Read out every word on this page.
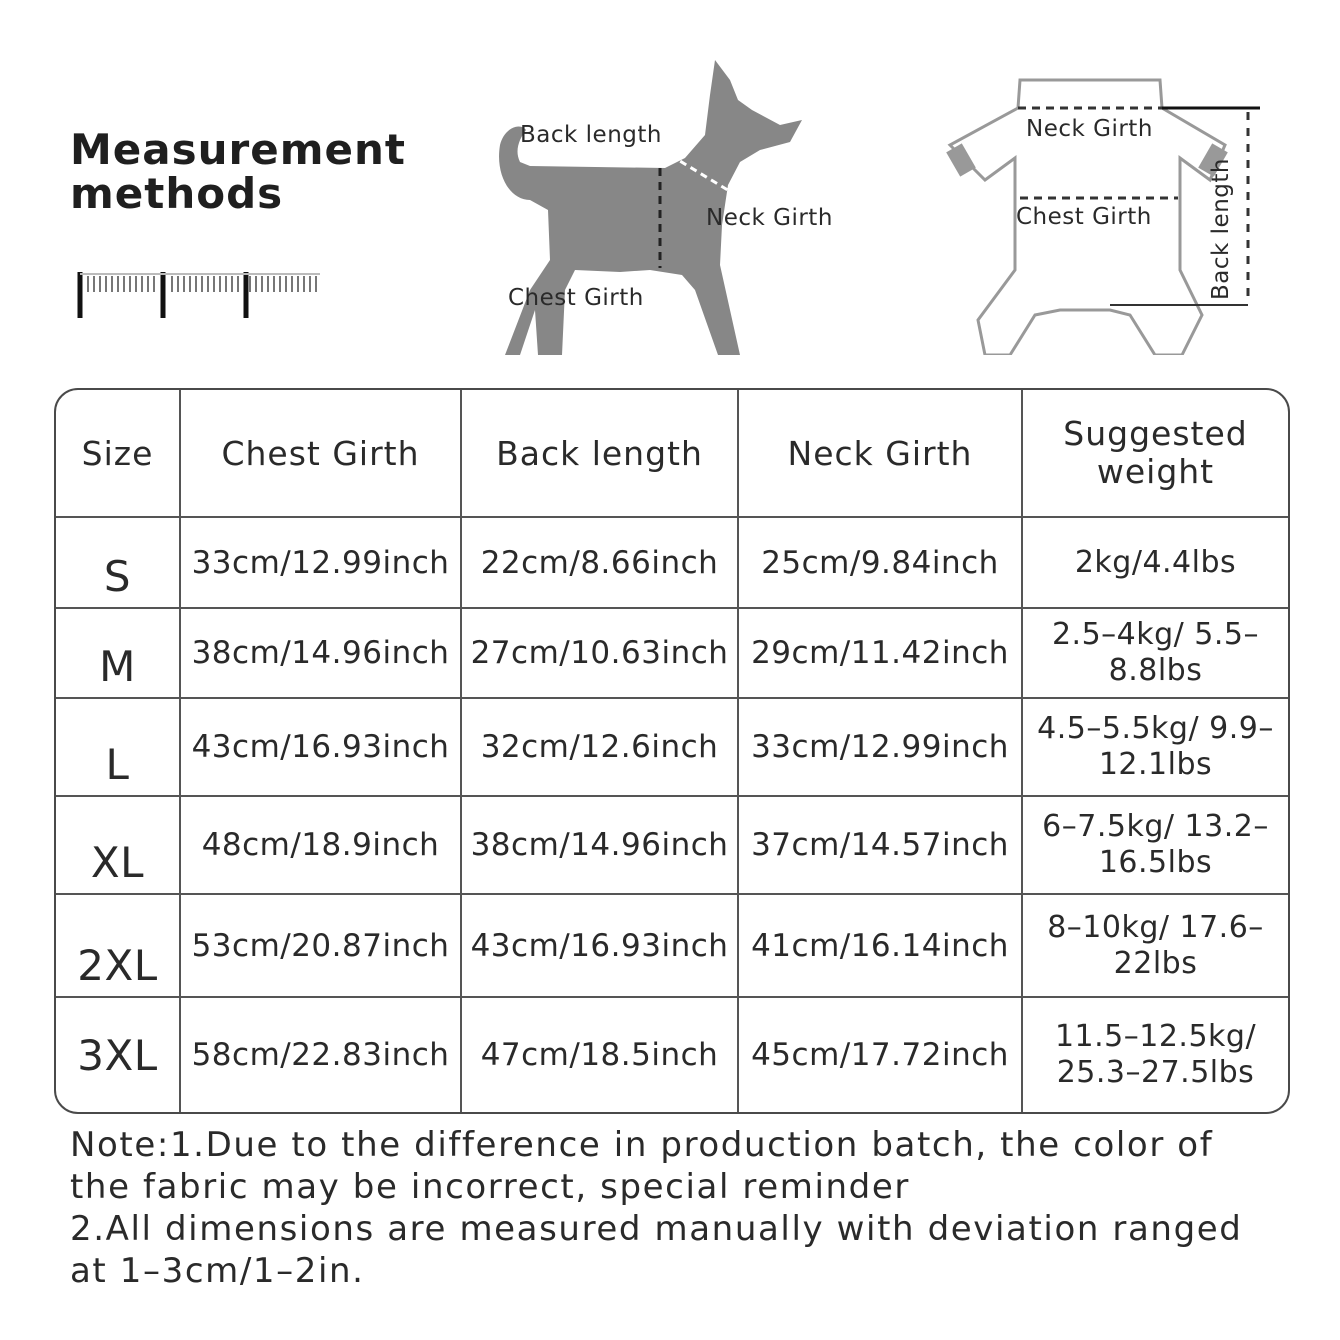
Measurement
methods
Back length
Neck Girth
Chest Girth
Neck Girth
Chest Girth Back length
Size	Chest Girth	Back length	Neck Girth	Suggested weight
S	33cm/12.99inch	22cm/8.66inch	25cm/9.84inch	2kg/4.4lbs
M	38cm/14.96inch	27cm/10.63inch	29cm/11.42inch	2.5–4kg/ 5.5–8.8lbs
L	43cm/16.93inch	32cm/12.6inch	33cm/12.99inch	4.5–5.5kg/ 9.9–12.1lbs
XL	48cm/18.9inch	38cm/14.96inch	37cm/14.57inch	6–7.5kg/ 13.2–16.5lbs
2XL	53cm/20.87inch	43cm/16.93inch	41cm/16.14inch	8–10kg/ 17.6–22lbs
3XL	58cm/22.83inch	47cm/18.5inch	45cm/17.72inch	11.5–12.5kg/ 25.3–27.5lbs
Note:1.Due to the difference in production batch, the color of the fabric may be incorrect, special reminder
2.All dimensions are measured manually with deviation ranged at 1–3cm/1–2in.
